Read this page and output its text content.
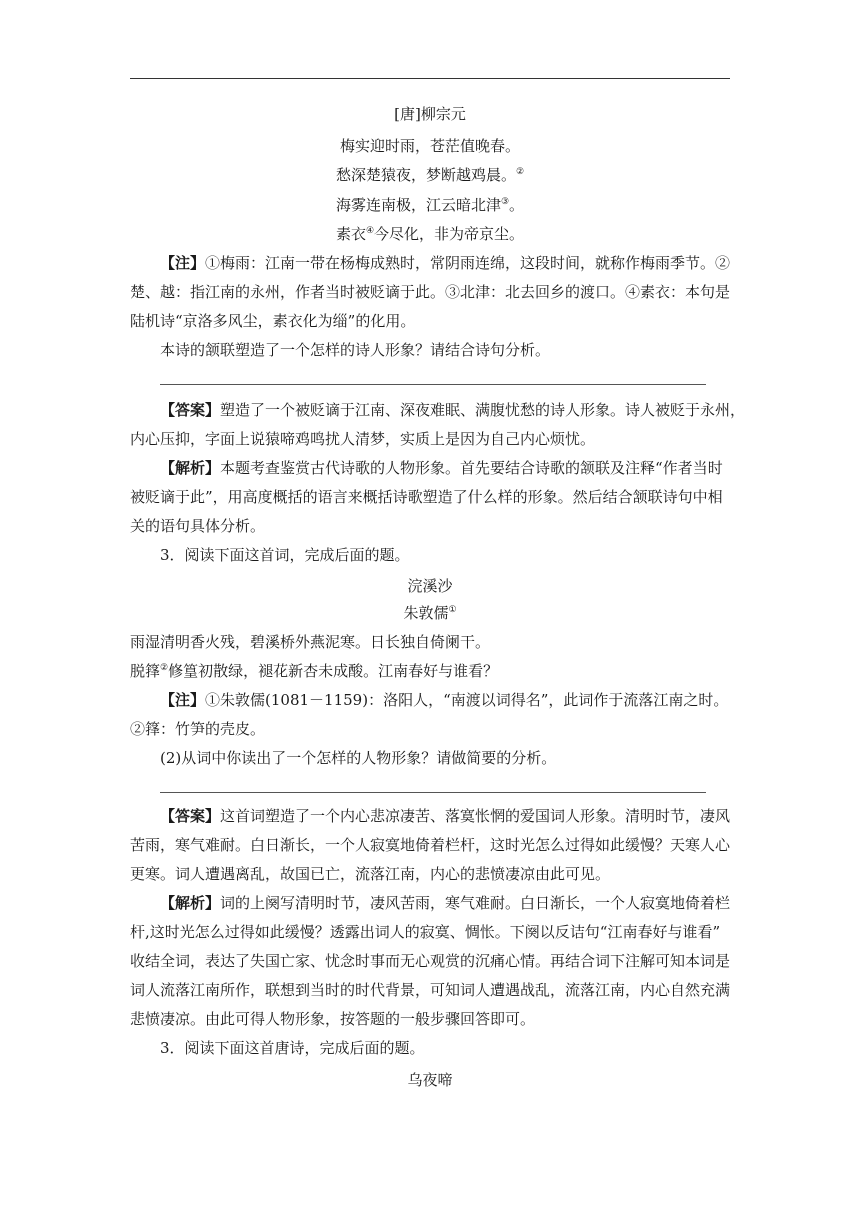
[唐]柳宗元
梅实迎时雨，苍茫值晚春。
愁深楚猿夜，梦断越鸡晨。②
海雾连南极，江云暗北津③。
素衣④今尽化，非为帝京尘。
【注】①梅雨：江南一带在杨梅成熟时，常阴雨连绵，这段时间，就称作梅雨季节。②
楚、越：指江南的永州，作者当时被贬谪于此。③北津：北去回乡的渡口。④素衣：本句是
陆机诗“京洛多风尘，素衣化为缁”的化用。
本诗的颔联塑造了一个怎样的诗人形象？请结合诗句分析。
【答案】塑造了一个被贬谪于江南、深夜难眠、满腹忧愁的诗人形象。诗人被贬于永州，
内心压抑，字面上说猿啼鸡鸣扰人清梦，实质上是因为自己内心烦忧。
【解析】本题考查鉴赏古代诗歌的人物形象。首先要结合诗歌的颔联及注释“作者当时
被贬谪于此”，用高度概括的语言来概括诗歌塑造了什么样的形象。然后结合颔联诗句中相
关的语句具体分析。
3．阅读下面这首词，完成后面的题。
浣溪沙
朱敦儒①
雨湿清明香火残，碧溪桥外燕泥寒。日长独自倚阑干。
脱箨②修篁初散绿，褪花新杏未成酸。江南春好与谁看？
【注】①朱敦儒(1081－1159)：洛阳人，“南渡以词得名”，此词作于流落江南之时。
②箨：竹笋的壳皮。
(2)从词中你读出了一个怎样的人物形象？请做简要的分析。
【答案】这首词塑造了一个内心悲凉凄苦、落寞怅惘的爱国词人形象。清明时节，凄风
苦雨，寒气难耐。白日渐长，一个人寂寞地倚着栏杆，这时光怎么过得如此缓慢？天寒人心
更寒。词人遭遇离乱，故国已亡，流落江南，内心的悲愤凄凉由此可见。
【解析】词的上阕写清明时节，凄风苦雨，寒气难耐。白日渐长，一个人寂寞地倚着栏
杆,这时光怎么过得如此缓慢？透露出词人的寂寞、惆怅。下阕以反诘句“江南春好与谁看”
收结全词，表达了失国亡家、忧念时事而无心观赏的沉痛心情。再结合词下注解可知本词是
词人流落江南所作，联想到当时的时代背景，可知词人遭遇战乱，流落江南，内心自然充满
悲愤凄凉。由此可得人物形象，按答题的一般步骤回答即可。
3．阅读下面这首唐诗，完成后面的题。
乌夜啼
